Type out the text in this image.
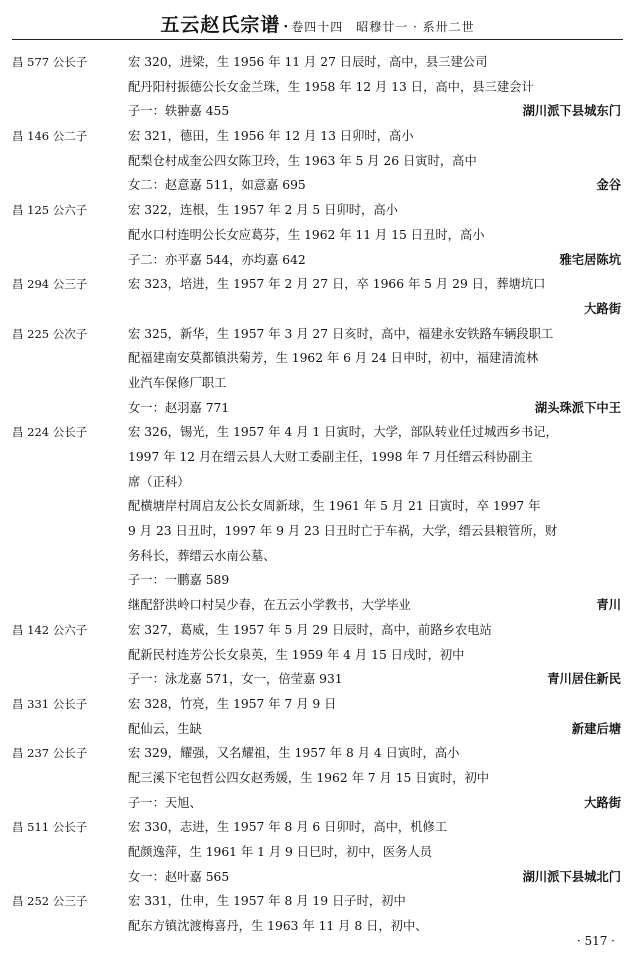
五云赵氏宗谱 · 卷四十四　昭穆廿一 · 系卅二世
昌 577 公长子	宏 320，进梁，生 1956 年 11 月 27 日辰时，高中，县三建公司
配丹阳村振德公长女金兰珠，生 1958 年 12 月 13 日，高中，县三建会计
子一：轶翀嘉 455	湖川派下县城东门
昌 146 公二子	宏 321，德田，生 1956 年 12 月 13 日卯时，高小
配梨仓村成奎公四女陈卫玲，生 1963 年 5 月 26 日寅时，高中
女二：赵意嘉 511，如意嘉 695	金谷
昌 125 公六子	宏 322，连根，生 1957 年 2 月 5 日卯时，高小
配水口村连明公长女应葛芬，生 1962 年 11 月 15 日丑时，高小
子二：亦平嘉 544，亦均嘉 642	雅宅居陈坑
昌 294 公三子	宏 323，培进，生 1957 年 2 月 27 日，卒 1966 年 5 月 29 日，葬塘坑口
大路街
昌 225 公次子	宏 325，新华，生 1957 年 3 月 27 日亥时，高中，福建永安铁路车辆段职工
配福建南安莫都镇洪菊芳，生 1962 年 6 月 24 日申时，初中，福建清流林
业汽车保修厂职工
女一：赵羽嘉 771	湖头珠派下中王
昌 224 公长子	宏 326，锡光，生 1957 年 4 月 1 日寅时，大学，部队转业任过城西乡书记，
1997 年 12 月在缙云县人大财工委副主任，1998 年 7 月任缙云科协副主
席（正科）
配横塘岸村周启友公长女周新球，生 1961 年 5 月 21 日寅时，卒 1997 年
9 月 23 日丑时，1997 年 9 月 23 日丑时亡于车祸，大学，缙云县粮管所，财
务科长，葬缙云水南公墓、
子一：一鹏嘉 589
继配舒洪岭口村吴少春，在五云小学教书，大学毕业	青川
昌 142 公六子	宏 327，葛威，生 1957 年 5 月 29 日辰时，高中，前路乡农电站
配新民村连芳公长女泉英，生 1959 年 4 月 15 日戌时，初中
子一：泳龙嘉 571，女一，倍莹嘉 931	青川居住新民
昌 331 公长子	宏 328，竹亮，生 1957 年 7 月 9 日
配仙云，生缺	新建后塘
昌 237 公长子	宏 329，耀强，又名耀祖，生 1957 年 8 月 4 日寅时，高小
配三溪下宅包哲公四女赵秀媛，生 1962 年 7 月 15 日寅时，初中
子一：天旭、	大路街
昌 511 公长子	宏 330，志进，生 1957 年 8 月 6 日卯时，高中，机修工
配颜逸萍，生 1961 年 1 月 9 日巳时，初中，医务人员
女一：赵叶嘉 565	湖川派下县城北门
昌 252 公三子	宏 331，仕申，生 1957 年 8 月 19 日子时，初中
配东方镇沈渡梅喜丹，生 1963 年 11 月 8 日，初中、
· 517 ·
